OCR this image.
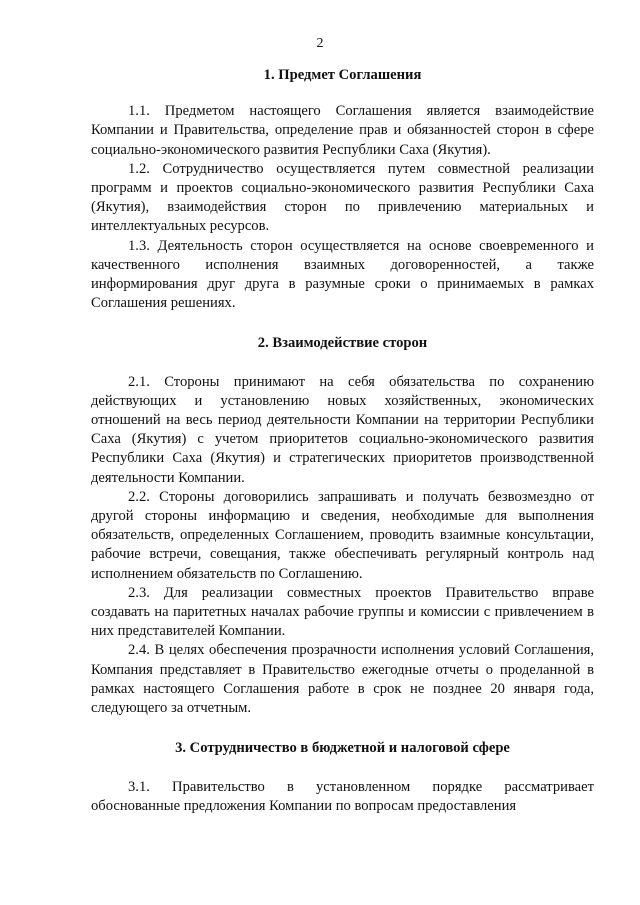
2

1. Предмет Соглашения

1.1. Предметом настоящего Соглашения является взаимодействие Компании и Правительства, определение прав и обязанностей сторон в сфере социально-экономического развития Республики Саха (Якутия).

1.2. Сотрудничество осуществляется путем совместной реализации программ и проектов социально-экономического развития Республики Саха (Якутия), взаимодействия сторон по привлечению материальных и интеллектуальных ресурсов.

1.3. Деятельность сторон осуществляется на основе своевременного и качественного исполнения взаимных договоренностей, а также информирования друг друга в разумные сроки о принимаемых в рамках Соглашения решениях.

2. Взаимодействие сторон

2.1. Стороны принимают на себя обязательства по сохранению действующих и установлению новых хозяйственных, экономических отношений на весь период деятельности Компании на территории Республики Саха (Якутия) с учетом приоритетов социально-экономического развития Республики Саха (Якутия) и стратегических приоритетов производственной деятельности Компании.

2.2. Стороны договорились запрашивать и получать безвозмездно от другой стороны информацию и сведения, необходимые для выполнения обязательств, определенных Соглашением, проводить взаимные консультации, рабочие встречи, совещания, также обеспечивать регулярный контроль над исполнением обязательств по Соглашению.

2.3. Для реализации совместных проектов Правительство вправе создавать на паритетных началах рабочие группы и комиссии с привлечением в них представителей Компании.

2.4. В целях обеспечения прозрачности исполнения условий Соглашения, Компания представляет в Правительство ежегодные отчеты о проделанной в рамках настоящего Соглашения работе в срок не позднее 20 января года, следующего за отчетным.

3. Сотрудничество в бюджетной и налоговой сфере

3.1. Правительство в установленном порядке рассматривает обоснованные предложения Компании по вопросам предоставления
